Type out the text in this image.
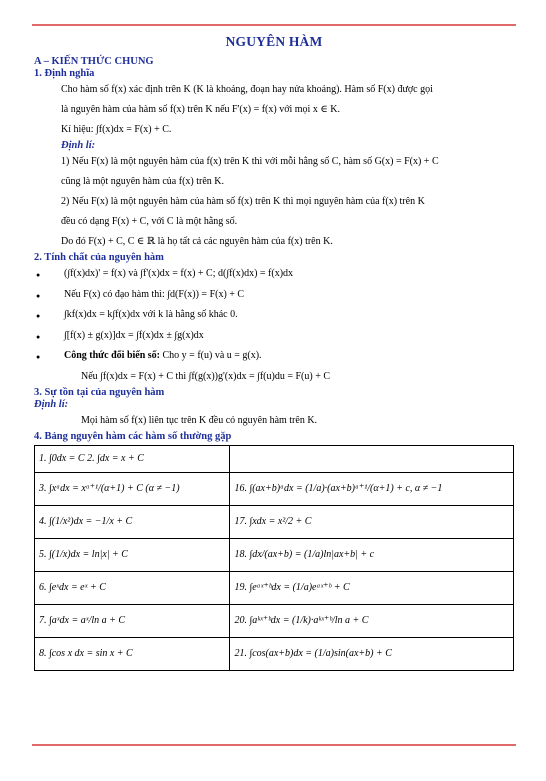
NGUYÊN HÀM
A – KIẾN THỨC CHUNG
1. Định nghĩa

Cho hàm số f(x) xác định trên K (K là khoảng, đoạn hay nửa khoảng). Hàm số F(x) được gọi

là nguyên hàm của hàm số f(x) trên K nếu F'(x) = f(x) với mọi x ∈ K.

Kí hiệu: ∫f(x)dx = F(x) + C.

Định lí:

1) Nếu F(x) là một nguyên hàm của f(x) trên K thì với mỗi hằng số C, hàm số G(x) = F(x) + C

cũng là một nguyên hàm của f(x) trên K.

2) Nếu F(x) là một nguyên hàm của hàm số f(x) trên K thì mọi nguyên hàm của f(x) trên K

đều có dạng F(x) + C, với C là một hằng số.

Do đó F(x) + C, C ∈ ℝ là họ tất cả các nguyên hàm của f(x) trên K.

2. Tính chất của nguyên hàm
● (∫f(x)dx)' = f(x) và ∫f'(x)dx = f(x) + C; d(∫f(x)dx) = f(x)dx
● Nếu F(x) có đạo hàm thì: ∫d(F(x)) = F(x) + C
● ∫kf(x)dx = k∫f(x)dx với k là hằng số khác 0.
● ∫[f(x) ± g(x)]dx = ∫f(x)dx ± ∫g(x)dx
● Công thức đổi biến số: Cho y = f(u) và u = g(x).

Nếu ∫f(x)dx = F(x) + C thì ∫f(g(x))g'(x)dx = ∫f(u)du = F(u) + C

3. Sự tồn tại của nguyên hàm
Định lí:

Mọi hàm số f(x) liên tục trên K đều có nguyên hàm trên K.

4. Bảng nguyên hàm các hàm số thường gặp
1. ∫0dx = C 2. ∫dx = x + C	
3. ∫xᵅdx = xᵅ⁺¹/(α+1) + C (α ≠ −1)	16. ∫(ax+b)ᵅdx = (1/a)·(ax+b)ᵅ⁺¹/(α+1) + c, α ≠ −1
4. ∫(1/x²)dx = −1/x + C	17. ∫xdx = x²/2 + C
5. ∫(1/x)dx = ln|x| + C	18. ∫dx/(ax+b) = (1/a)ln|ax+b| + c
6. ∫eˣdx = eˣ + C	19. ∫eᵃˣ⁺ᵇdx = (1/a)eᵃˣ⁺ᵇ + C
7. ∫aˣdx = aˣ/ln a + C	20. ∫aᵏˣ⁺ᵇdx = (1/k)·aᵏˣ⁺ᵇ/ln a + C
8. ∫cos x dx = sin x + C	21. ∫cos(ax+b)dx = (1/a)sin(ax+b) + C
